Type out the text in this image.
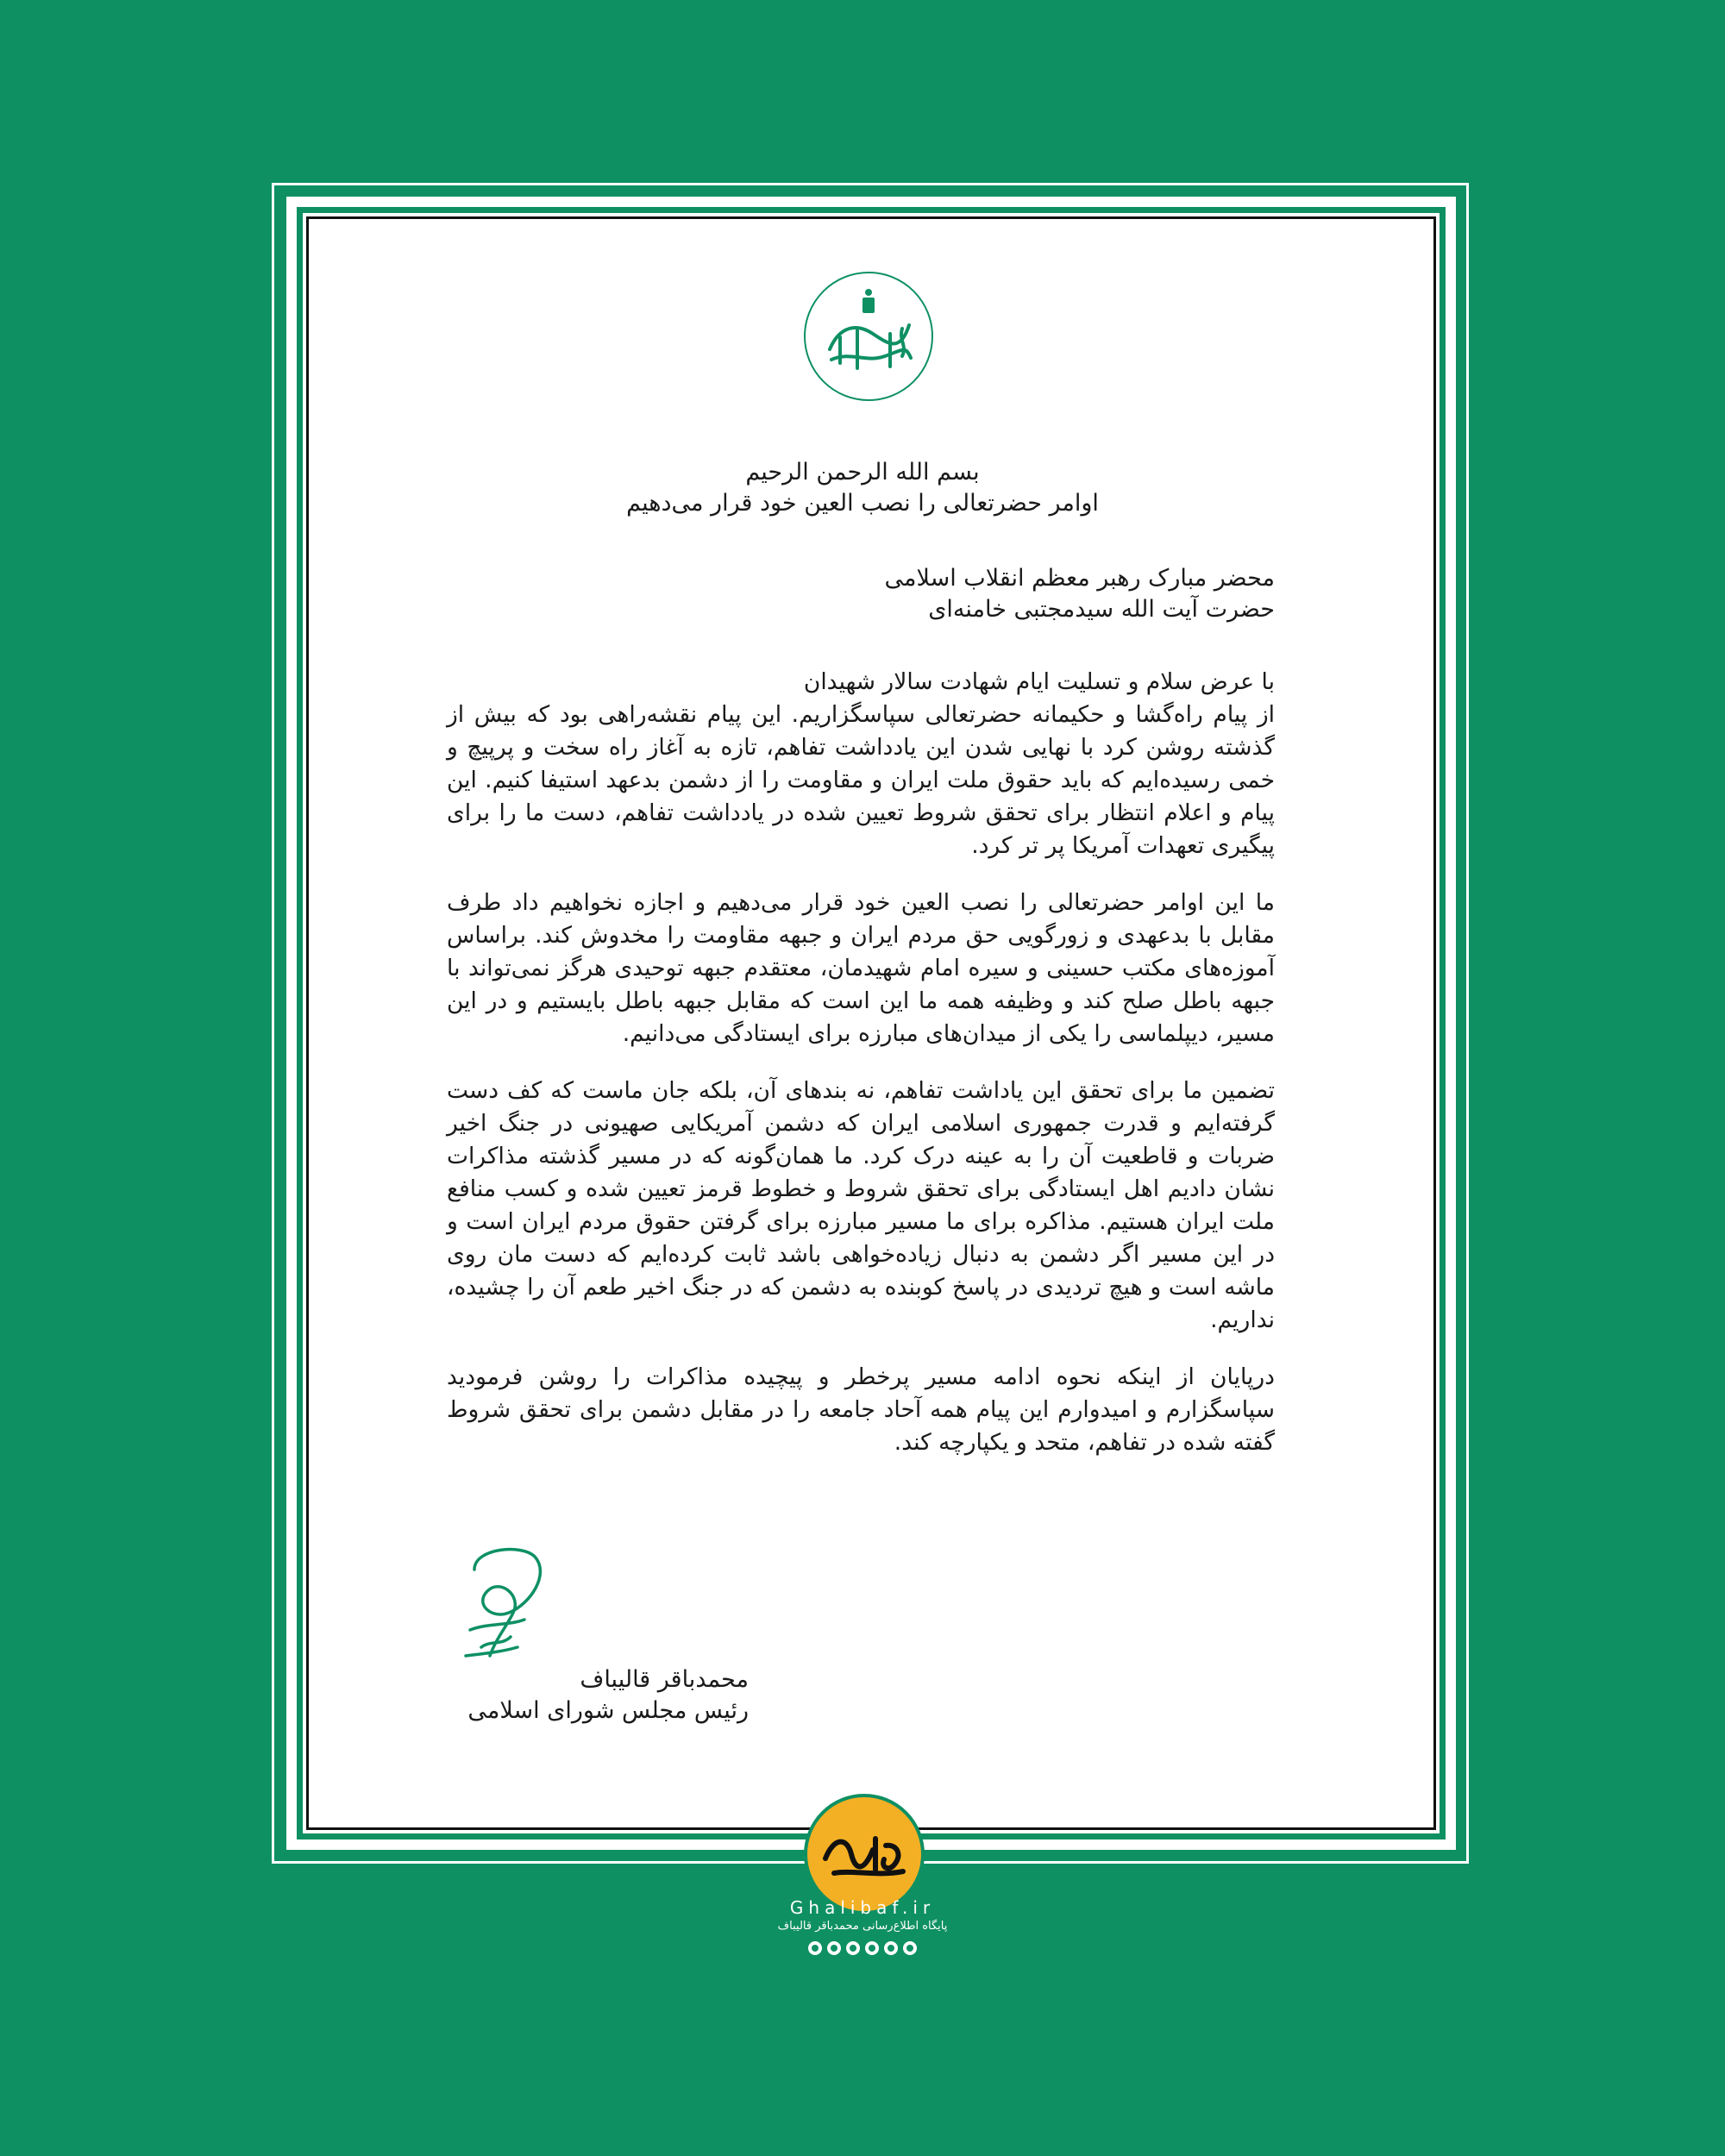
بسم الله الرحمن الرحيم
اوامر حضرتعالی را نصب العین خود قرار می‌دهیم
محضر مبارک رهبر معظم انقلاب اسلامی
حضرت آیت الله سیدمجتبی خامنه‌ای

با عرض سلام و تسلیت ایام شهادت سالار شهیدان
از پیام راه‌گشا و حکیمانه حضرتعالی سپاسگزاریم. این پیام نقشه‌راهی بود که بیش از گذشته روشن کرد با نهایی شدن این یادداشت تفاهم، تازه به آغاز راه سخت و پرپیچ و خمی رسیده‌ایم که باید حقوق ملت ایران و مقاومت را از دشمن بدعهد استیفا کنیم. این پیام و اعلام انتظار برای تحقق شروط تعیین شده در یادداشت تفاهم، دست ما را برای پیگیری تعهدات آمریکا پر تر کرد.

ما این اوامر حضرتعالی را نصب العین خود قرار می‌دهیم و اجازه نخواهیم داد طرف مقابل با بدعهدی و زورگویی حق مردم ایران و جبهه مقاومت را مخدوش کند. براساس آموزه‌های مکتب حسینی و سیره امام شهیدمان، معتقدم جبهه توحیدی هرگز نمی‌تواند با جبهه باطل صلح کند و وظیفه همه ما این است که مقابل جبهه باطل بایستیم و در این مسیر، دیپلماسی را یکی از میدان‌های مبارزه برای ایستادگی می‌دانیم.

تضمین ما برای تحقق این یاداشت تفاهم، نه بندهای آن، بلکه جان ماست که کف دست گرفته‌ایم و قدرت جمهوری اسلامی ایران که دشمن آمریکایی صهیونی در جنگ اخیر ضربات و قاطعیت آن را به عینه درک کرد. ما همان‌گونه که در مسیر گذشته مذاکرات نشان دادیم اهل ایستادگی برای تحقق شروط و خطوط قرمز تعیین شده و کسب منافع ملت ایران هستیم. مذاکره برای ما مسیر مبارزه برای گرفتن حقوق مردم ایران است و در این مسیر اگر دشمن به دنبال زیاده‌خواهی باشد ثابت کرده‌ایم که دست مان روی ماشه است و هیچ تردیدی در پاسخ کوبنده به دشمن که در جنگ اخیر طعم آن را چشیده، نداریم.

درپایان از اینکه نحوه ادامه مسیر پرخطر و پیچیده مذاکرات را روشن فرمودید سپاسگزارم و امیدوارم این پیام همه آحاد جامعه را در مقابل دشمن برای تحقق شروط گفته شده در تفاهم، متحد و یکپارچه کند.

محمدباقر قالیباف
رئیس مجلس شورای اسلامی
Ghalibaf.ir
پایگاه اطلاع‌رسانی محمدباقر قالیباف
